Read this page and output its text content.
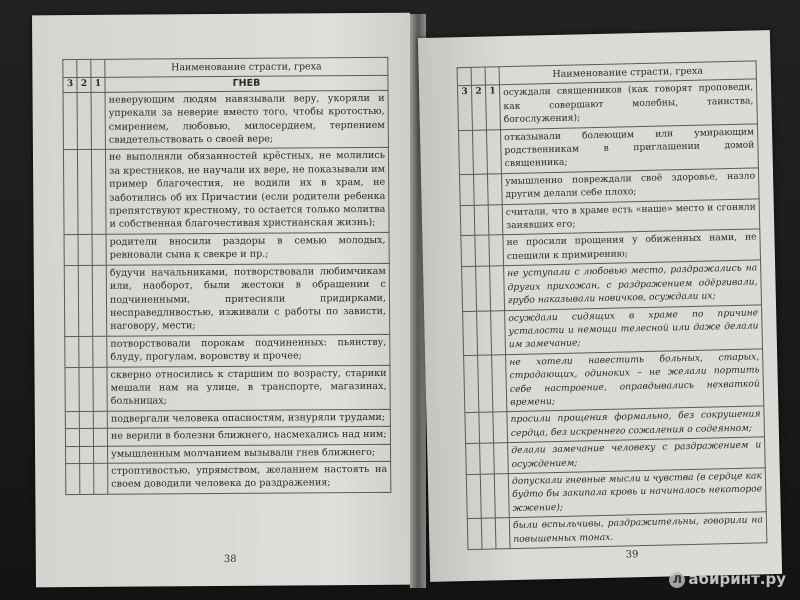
			Наименование страсти, греха
3	2	1	ГНЕВ
			неверующим людям навязывали веру, укоряли и упрекали за неверие вместо того, чтобы кротостью, смирением, любовью, милосердием, терпением свидетельствовать о своей вере;
			не выполняли обязанностей крёстных, не молились за крестников, не научали их вере, не показывали им пример благочестия, не водили их в храм, не заботились об их Причастии (если родители ребенка препятствуют крестному, то остается только молитва и собственная благочестивая христианская жизнь);
			родители вносили раздоры в семью молодых, ревновали сына к свекре и пр.;
			будучи начальниками, потворствовали любимчикам или, наоборот, были жестоки в обращении с подчиненными, притесняли придирками, несправедливостью, изживали с работы по зависти, наговору, мести;
			потворствовали порокам подчиненных: пьянству, блуду, прогулам, воровству и прочее;
			скверно относились к старшим по возрасту, старики мешали нам на улице, в транспорте, магазинах, больницах;
			подвергали человека опасностям, изнуряли трудами;
			не верили в болезни ближнего, насмехались над ним;
			умышленным молчанием вызывали гнев ближнего;
			строптивостью, упрямством, желанием настоять на своем доводили человека до раздражения;
38
			Наименование страсти, греха
3	2	1	осуждали священников (как говорят проповеди, как совершают молебны, таинства, богослужения);
			отказывали болеющим или умирающим родственникам в приглашении домой священника;
			умышленно повреждали своё здоровье, назло другим делали себе плохо;
			считали, что в храме есть «наше» место и сгоняли занявших его;
			не просили прощения у обиженных нами, не спешили к примирению;
			не уступали с любовью место, раздражались на других прихожан, с раздражением одёргивали, грубо наказывали новичков, осуждали их;
			осуждали сидящих в храме по причине усталости и немощи телесной или даже делали им замечание;
			не хотели навестить больных, старых, страдающих, одиноких – не желали портить себе настроение, оправдывались нехваткой времени;
			просили прощения формально, без сокрушения сердца, без искреннего сожаления о содеянном;
			делали замечание человеку с раздражением и осуждением;
			допускали гневные мысли и чувства (в сердце как будто бы закипала кровь и начиналось некоторое жжение);
			были вспыльчивы, раздражительны, говорили на повышенных тонах.
39
Л абиринт.ру
